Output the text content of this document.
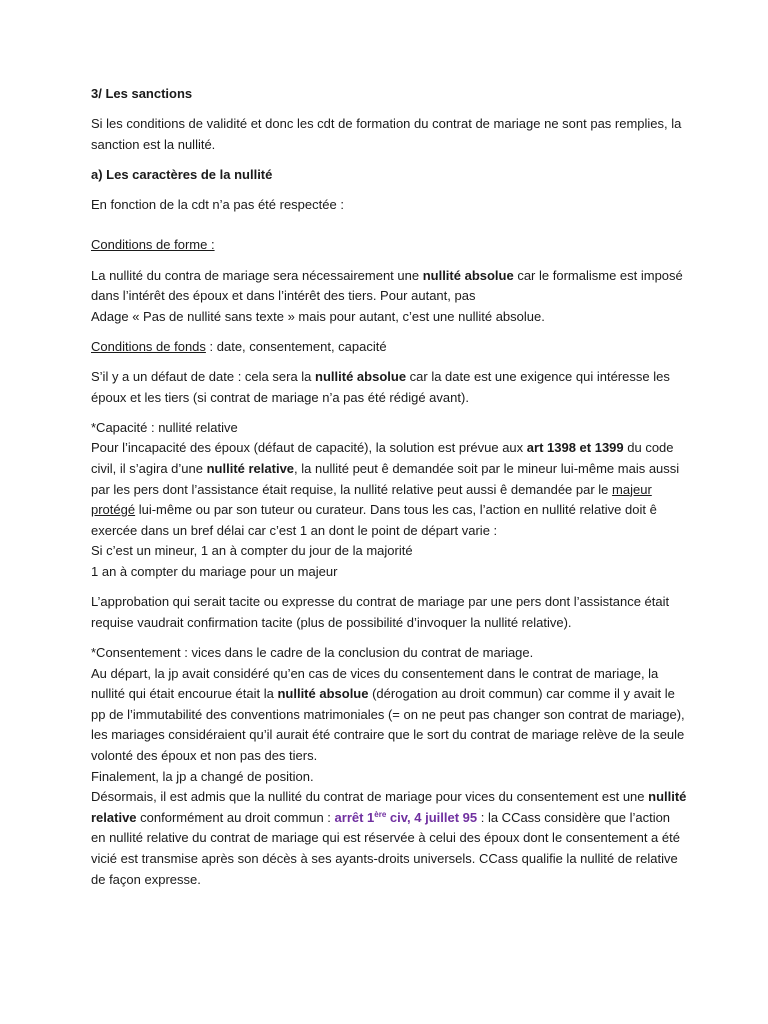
3/ Les sanctions

Si les conditions de validité et donc les cdt de formation du contrat de mariage ne sont pas remplies, la sanction est la nullité.

a) Les caractères de la nullité

En fonction de la cdt n’a pas été respectée :

Conditions de forme :

La nullité du contra de mariage sera nécessairement une nullité absolue car le formalisme est imposé dans l’intérêt des époux et dans l’intérêt des tiers. Pour autant, pas
Adage « Pas de nullité sans texte » mais pour autant, c’est une nullité absolue.

Conditions de fonds : date, consentement, capacité

S’il y a un défaut de date : cela sera la nullité absolue car la date est une exigence qui intéresse les époux et les tiers (si contrat de mariage n’a pas été rédigé avant).

*Capacité : nullité relative
Pour l’incapacité des époux (défaut de capacité), la solution est prévue aux art 1398 et 1399 du code civil, il s’agira d’une nullité relative, la nullité peut ê demandée soit par le mineur lui-même mais aussi par les pers dont l’assistance était requise, la nullité relative peut aussi ê demandée par le majeur protégé lui-même ou par son tuteur ou curateur. Dans tous les cas, l’action en nullité relative doit ê exercée dans un bref délai car c’est 1 an dont le point de départ varie :
Si c’est un mineur, 1 an à compter du jour de la majorité
1 an à compter du mariage pour un majeur

L’approbation qui serait tacite ou expresse du contrat de mariage par une pers dont l’assistance était requise vaudrait confirmation tacite (plus de possibilité d’invoquer la nullité relative).

*Consentement : vices dans le cadre de la conclusion du contrat de mariage.
Au départ, la jp avait considéré qu’en cas de vices du consentement dans le contrat de mariage, la nullité qui était encourue était la nullité absolue (dérogation au droit commun) car comme il y avait le pp de l’immutabilité des conventions matrimoniales (= on ne peut pas changer son contrat de mariage), les mariages considéraient qu’il aurait été contraire que le sort du contrat de mariage relève de la seule volonté des époux et non pas des tiers.
Finalement, la jp a changé de position.
Désormais, il est admis que la nullité du contrat de mariage pour vices du consentement est une nullité relative conformément au droit commun : arrêt 1ère civ, 4 juillet 95 : la CCass considère que l’action en nullité relative du contrat de mariage qui est réservée à celui des époux dont le consentement a été vicié est transmise après son décès à ses ayants-droits universels. CCass qualifie la nullité de relative de façon expresse.
